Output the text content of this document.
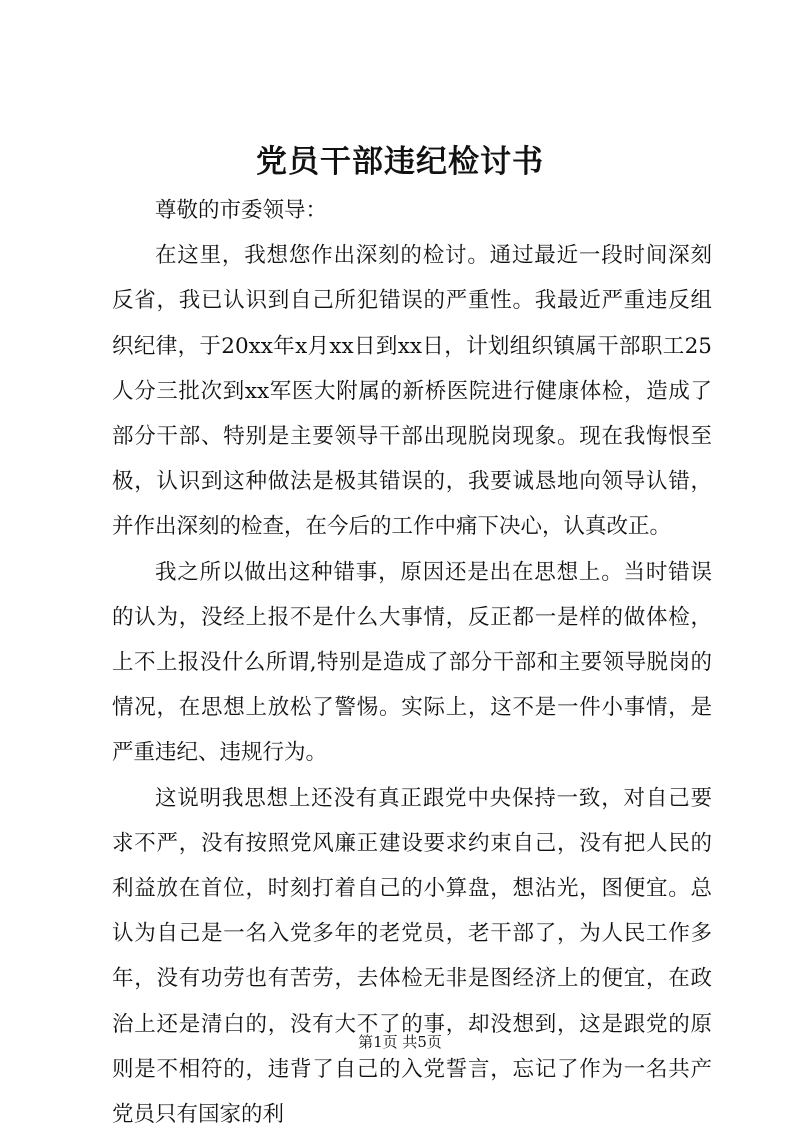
党员干部违纪检讨书

尊敬的市委领导：

在这里，我想您作出深刻的检讨。通过最近一段时间深刻反省，我已认识到自己所犯错误的严重性。我最近严重违反组织纪律，于20xx年x月xx日到xx日，计划组织镇属干部职工25人分三批次到xx军医大附属的新桥医院进行健康体检，造成了部分干部、特别是主要领导干部出现脱岗现象。现在我悔恨至极，认识到这种做法是极其错误的，我要诚恳地向领导认错，并作出深刻的检查，在今后的工作中痛下决心，认真改正。

我之所以做出这种错事，原因还是出在思想上。当时错误的认为，没经上报不是什么大事情，反正都一是样的做体检，上不上报没什么所谓,特别是造成了部分干部和主要领导脱岗的情况，在思想上放松了警惕。实际上，这不是一件小事情，是严重违纪、违规行为。

这说明我思想上还没有真正跟党中央保持一致，对自己要求不严，没有按照党风廉正建设要求约束自己，没有把人民的利益放在首位，时刻打着自己的小算盘，想沾光，图便宜。总认为自己是一名入党多年的老党员，老干部了，为人民工作多年，没有功劳也有苦劳，去体检无非是图经济上的便宜，在政治上还是清白的，没有大不了的事，却没想到，这是跟党的原则是不相符的，违背了自己的入党誓言，忘记了作为一名共产党员只有国家的利

第1页 共5页
